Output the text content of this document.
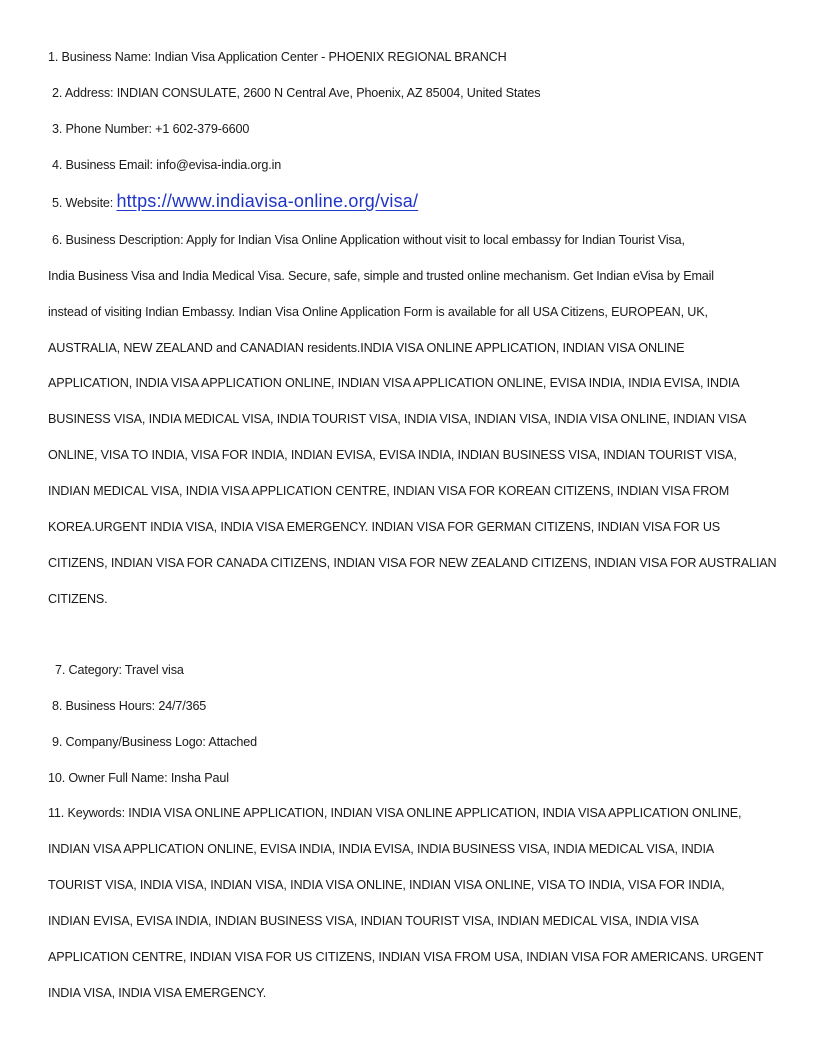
1. Business Name: Indian Visa Application Center - PHOENIX REGIONAL BRANCH
2. Address: INDIAN CONSULATE, 2600 N Central Ave, Phoenix, AZ 85004, United States
3. Phone Number: +1 602-379-6600
4. Business Email: info@evisa-india.org.in
5. Website: https://www.indiavisa-online.org/visa/
6. Business Description: Apply for Indian Visa Online Application without visit to local embassy for Indian Tourist Visa,
India Business Visa and India Medical Visa. Secure, safe, simple and trusted online mechanism. Get Indian eVisa by Email
instead of visiting Indian Embassy. Indian Visa Online Application Form is available for all USA Citizens, EUROPEAN, UK,
AUSTRALIA, NEW ZEALAND and CANADIAN residents.INDIA VISA ONLINE APPLICATION, INDIAN VISA ONLINE
APPLICATION, INDIA VISA APPLICATION ONLINE, INDIAN VISA APPLICATION ONLINE, EVISA INDIA, INDIA EVISA, INDIA
BUSINESS VISA, INDIA MEDICAL VISA, INDIA TOURIST VISA, INDIA VISA, INDIAN VISA, INDIA VISA ONLINE, INDIAN VISA
ONLINE, VISA TO INDIA, VISA FOR INDIA, INDIAN EVISA, EVISA INDIA, INDIAN BUSINESS VISA, INDIAN TOURIST VISA,
INDIAN MEDICAL VISA, INDIA VISA APPLICATION CENTRE, INDIAN VISA FOR KOREAN CITIZENS, INDIAN VISA FROM
KOREA.URGENT INDIA VISA, INDIA VISA EMERGENCY. INDIAN VISA FOR GERMAN CITIZENS, INDIAN VISA FOR US
CITIZENS, INDIAN VISA FOR CANADA CITIZENS, INDIAN VISA FOR NEW ZEALAND CITIZENS, INDIAN VISA FOR AUSTRALIAN
CITIZENS.
7. Category: Travel visa
8. Business Hours: 24/7/365
9. Company/Business Logo: Attached
10. Owner Full Name: Insha Paul
11. Keywords: INDIA VISA ONLINE APPLICATION, INDIAN VISA ONLINE APPLICATION, INDIA VISA APPLICATION ONLINE,
INDIAN VISA APPLICATION ONLINE, EVISA INDIA, INDIA EVISA, INDIA BUSINESS VISA, INDIA MEDICAL VISA, INDIA
TOURIST VISA, INDIA VISA, INDIAN VISA, INDIA VISA ONLINE, INDIAN VISA ONLINE, VISA TO INDIA, VISA FOR INDIA,
INDIAN EVISA, EVISA INDIA, INDIAN BUSINESS VISA, INDIAN TOURIST VISA, INDIAN MEDICAL VISA, INDIA VISA
APPLICATION CENTRE, INDIAN VISA FOR US CITIZENS, INDIAN VISA FROM USA, INDIAN VISA FOR AMERICANS. URGENT
INDIA VISA, INDIA VISA EMERGENCY.
